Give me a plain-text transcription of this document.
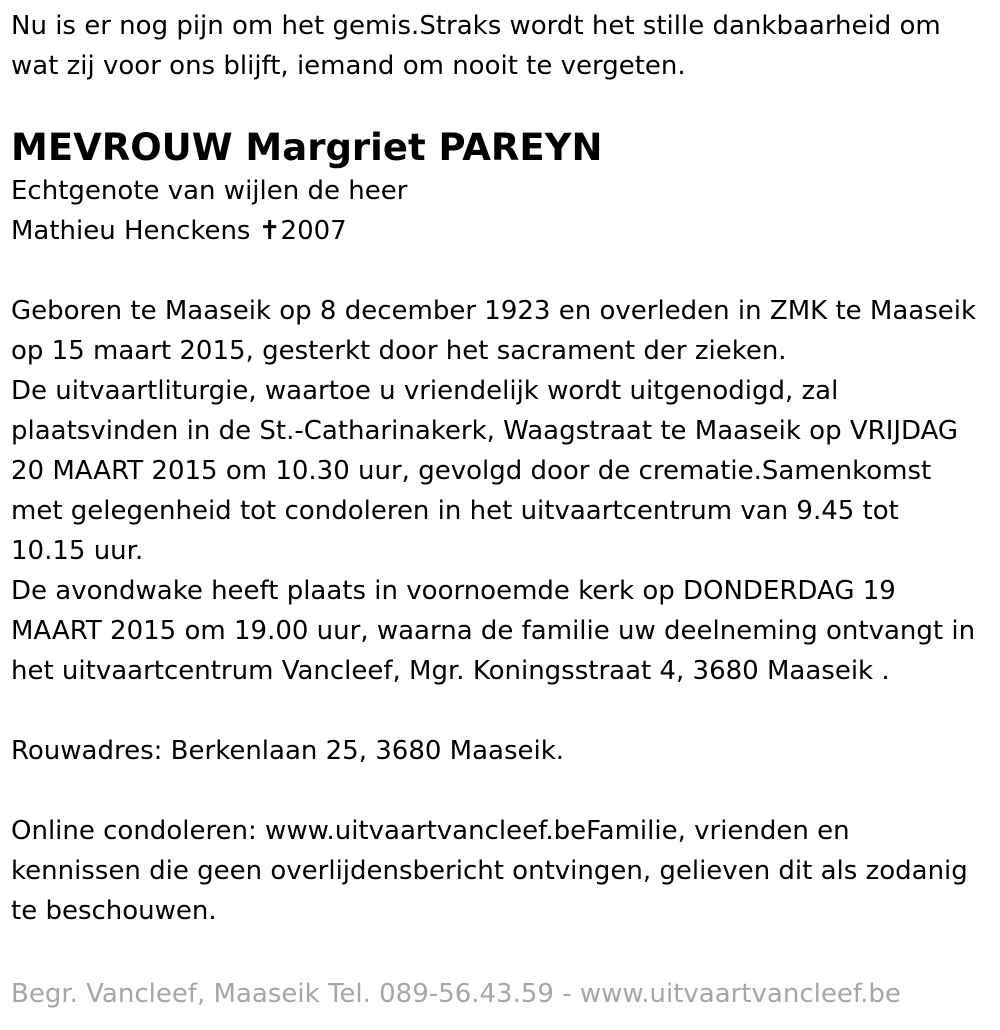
Nu is er nog pijn om het gemis.Straks wordt het stille dankbaarheid om
wat zij voor ons blijft, iemand om nooit te vergeten.
MEVROUW Margriet PAREYN
Echtgenote van wijlen de heer
Mathieu Henckens ✝2007
Geboren te Maaseik op 8 december 1923 en overleden in ZMK te Maaseik
op 15 maart 2015, gesterkt door het sacrament der zieken.
De uitvaartliturgie, waartoe u vriendelijk wordt uitgenodigd, zal
plaatsvinden in de St.-Catharinakerk, Waagstraat te Maaseik op VRIJDAG
20 MAART 2015 om 10.30 uur, gevolgd door de crematie.Samenkomst
met gelegenheid tot condoleren in het uitvaartcentrum van 9.45 tot
10.15 uur.
De avondwake heeft plaats in voornoemde kerk op DONDERDAG 19
MAART 2015 om 19.00 uur, waarna de familie uw deelneming ontvangt in
het uitvaartcentrum Vancleef, Mgr. Koningsstraat 4, 3680 Maaseik .
Rouwadres: Berkenlaan 25, 3680 Maaseik.
Online condoleren: www.uitvaartvancleef.beFamilie, vrienden en
kennissen die geen overlijdensbericht ontvingen, gelieven dit als zodanig
te beschouwen.
Begr. Vancleef, Maaseik Tel. 089-56.43.59 - www.uitvaartvancleef.be
